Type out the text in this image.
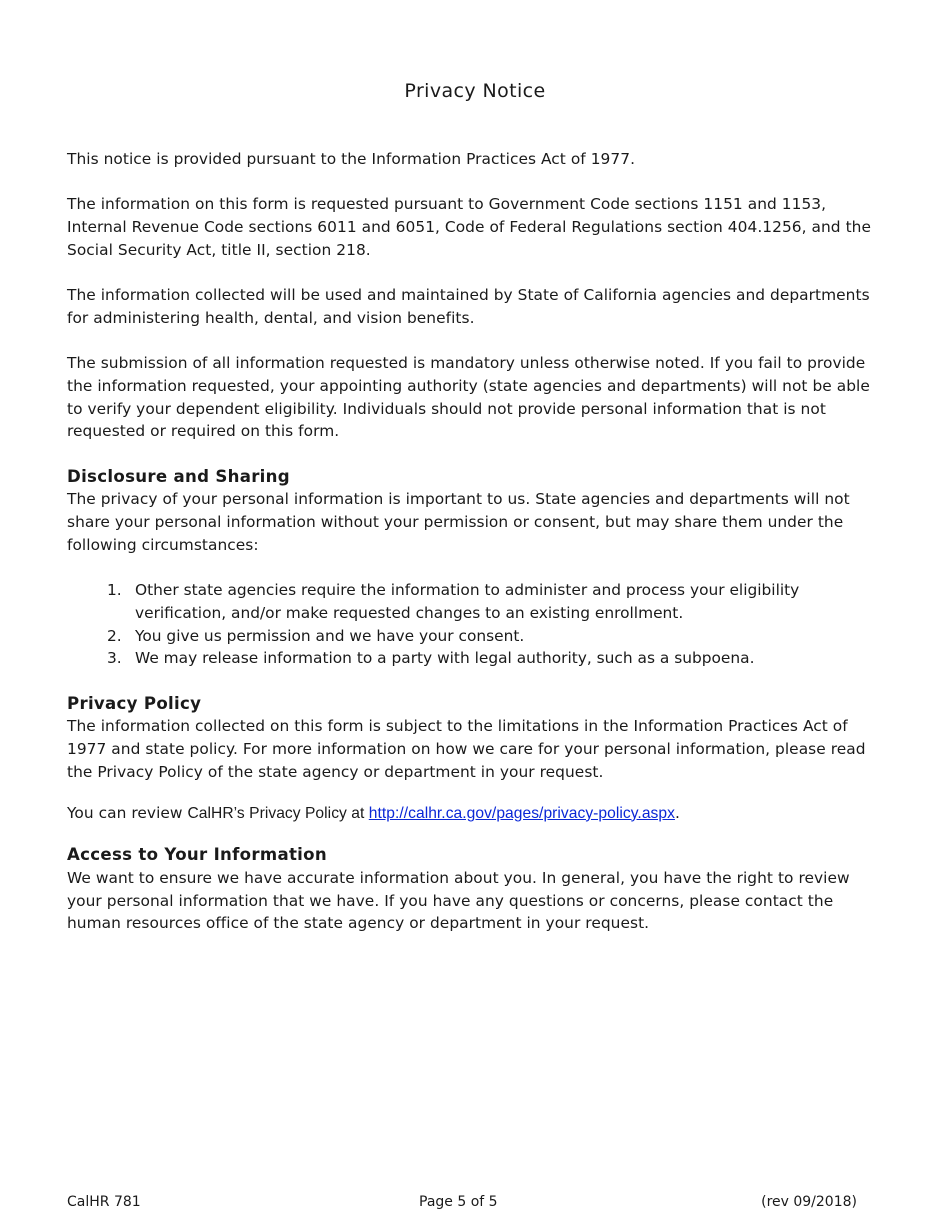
Privacy Notice

This notice is provided pursuant to the Information Practices Act of 1977.

The information on this form is requested pursuant to Government Code sections 1151 and 1153, Internal Revenue Code sections 6011 and 6051, Code of Federal Regulations section 404.1256, and the Social Security Act, title II, section 218.

The information collected will be used and maintained by State of California agencies and departments for administering health, dental, and vision benefits.

The submission of all information requested is mandatory unless otherwise noted. If you fail to provide the information requested, your appointing authority (state agencies and departments) will not be able to verify your dependent eligibility. Individuals should not provide personal information that is not requested or required on this form.

Disclosure and Sharing

The privacy of your personal information is important to us. State agencies and departments will not share your personal information without your permission or consent, but may share them under the following circumstances:

1. Other state agencies require the information to administer and process your eligibility verification, and/or make requested changes to an existing enrollment.
2. You give us permission and we have your consent.
3. We may release information to a party with legal authority, such as a subpoena.
Privacy Policy

The information collected on this form is subject to the limitations in the Information Practices Act of 1977 and state policy. For more information on how we care for your personal information, please read the Privacy Policy of the state agency or department in your request.

You can review CalHR’s Privacy Policy at http://calhr.ca.gov/pages/privacy-policy.aspx.

Access to Your Information

We want to ensure we have accurate information about you. In general, you have the right to review your personal information that we have. If you have any questions or concerns, please contact the human resources office of the state agency or department in your request.

CalHR 781	Page 5 of 5	(rev 09/2018)
